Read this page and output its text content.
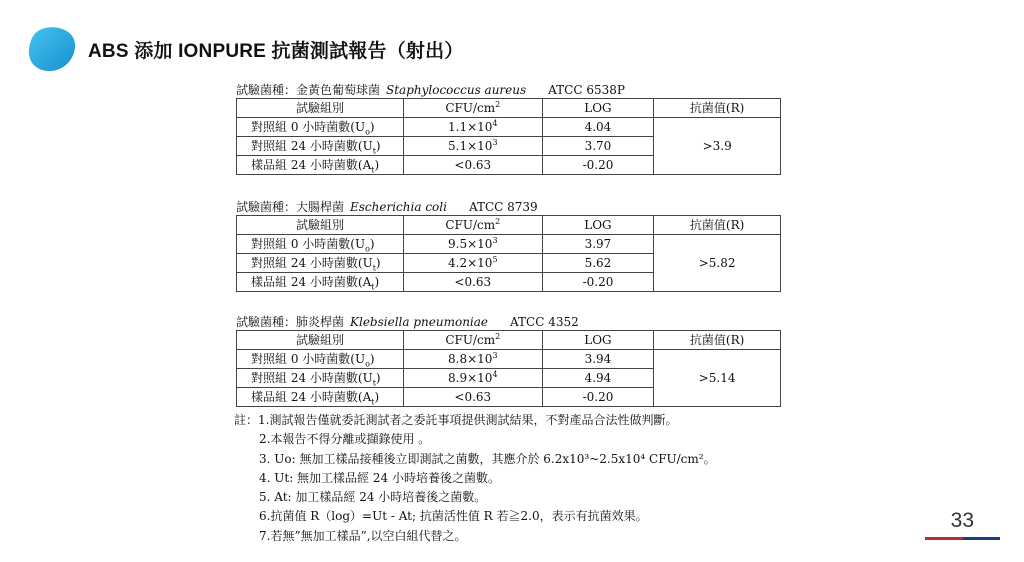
ABS 添加 IONPURE 抗菌測試報告（射出）
試驗菌種：金黃色葡萄球菌 Staphylococcus aureus ATCC 6538P
試驗組別	CFU/$cm^2$	LOG	抗菌值(R)
對照組 0 小時菌數$(U_o)$	$1.1\times 10^4$	4.04	>3.9
對照組 24 小時菌數$(U_t)$	$5.1\times 10^3$	3.70	
樣品組 24 小時菌數$(A_t)$	<0.63	-0.20	
試驗菌種：大腸桿菌 Escherichia coli ATCC 8739
試驗組別	CFU/$cm^2$	LOG	抗菌值(R)
對照組 0 小時菌數$(U_o)$	$9.5\times 10^3$	3.97	>5.82
對照組 24 小時菌數$(U_t)$	$4.2\times 10^5$	5.62	
樣品組 24 小時菌數$(A_t)$	<0.63	-0.20	
試驗菌種：肺炎桿菌 Klebsiella pneumoniae ATCC 4352
試驗組別	CFU/$cm^2$	LOG	抗菌值(R)
對照組 0 小時菌數$(U_o)$	$8.8\times 10^3$	3.94	>5.14
對照組 24 小時菌數$(U_t)$	$8.9\times 10^4$	4.94	
樣品組 24 小時菌數$(A_t)$	<0.63	-0.20	
註：1.測試報告僅就委託測試者之委託事項提供測試結果，不對產品合法性做判斷。
2.本報告不得分離或擷錄使用 。
3. Uo: 無加工樣品接種後立即測試之菌數，其應介於 6.2x10³~2.5x10⁴ CFU/cm²。
4. Ut: 無加工樣品經 24 小時培養後之菌數。
5. At: 加工樣品經 24 小時培養後之菌數。
6.抗菌值 R（log）=Ut - At; 抗菌活性值 R 若≧2.0，表示有抗菌效果。
7.若無”無加工樣品”,以空白組代替之。
33
